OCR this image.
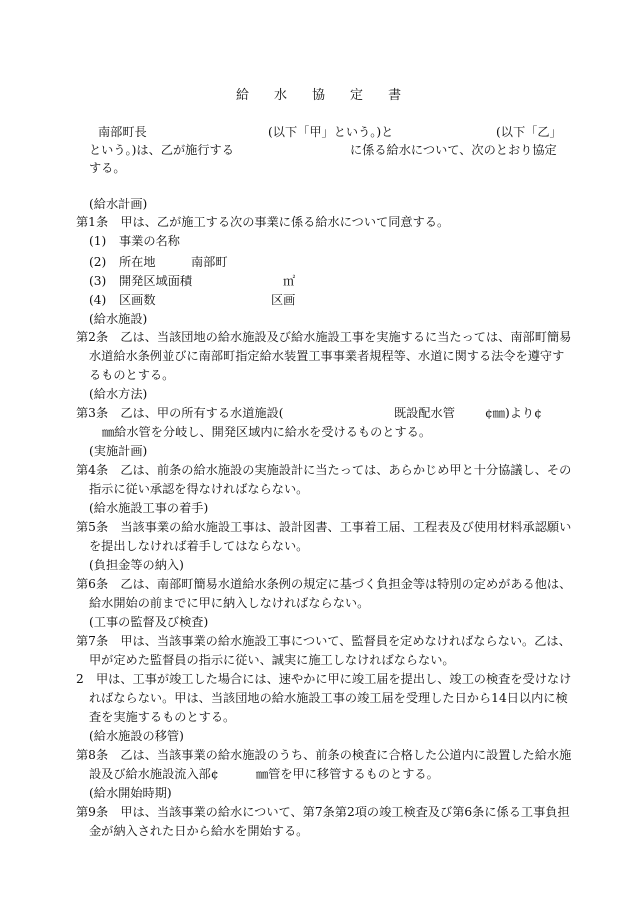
給 水 協 定 書
南部町長	(以下「甲」という。)と	(以下「乙」
という。)は、乙が施行する	に係る給水について、次のとおり協定
する。
(給水計画)
第1条　甲は、乙が施工する次の事業に係る給水について同意する。
(1) 事業の名称
(2) 所在地	南部町
(3) 開発区域面積	㎡
(4) 区画数	区画
(給水施設)
第2条　乙は、当該団地の給水施設及び給水施設工事を実施するに当たっては、南部町簡易
水道給水条例並びに南部町指定給水装置工事事業者規程等、水道に関する法令を遵守す
るものとする。
(給水方法)
第3条　乙は、甲の所有する水道施設(	既設配水管 ¢㎜)より¢
㎜給水管を分岐し、開発区域内に給水を受けるものとする。
(実施計画)
第4条　乙は、前条の給水施設の実施設計に当たっては、あらかじめ甲と十分協議し、その
指示に従い承認を得なければならない。
(給水施設工事の着手)
第5条　当該事業の給水施設工事は、設計図書、工事着工届、工程表及び使用材料承認願い
を提出しなければ着手してはならない。
(負担金等の納入)
第6条　乙は、南部町簡易水道給水条例の規定に基づく負担金等は特別の定めがある他は、
給水開始の前までに甲に納入しなければならない。
(工事の監督及び検査)
第7条　甲は、当該事業の給水施設工事について、監督員を定めなければならない。乙は、
甲が定めた監督員の指示に従い、誠実に施工しなければならない。
2　甲は、工事が竣工した場合には、速やかに甲に竣工届を提出し、竣工の検査を受けなけ
ればならない。甲は、当該団地の給水施設工事の竣工届を受理した日から14日以内に検
査を実施するものとする。
(給水施設の移管)
第8条　乙は、当該事業の給水施設のうち、前条の検査に合格した公道内に設置した給水施
設及び給水施設流入部¢	㎜管を甲に移管するものとする。
(給水開始時期)
第9条　甲は、当該事業の給水について、第7条第2項の竣工検査及び第6条に係る工事負担
金が納入された日から給水を開始する。
